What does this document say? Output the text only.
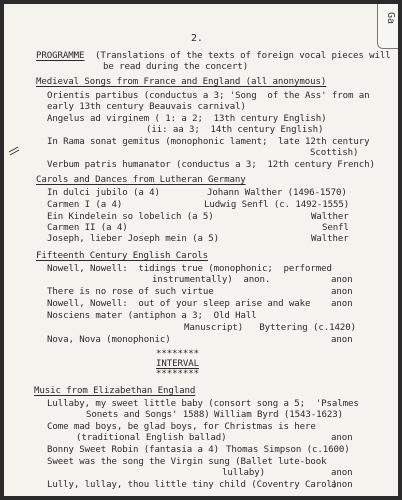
Ga
2.
PROGRAMME (Translations of the texts of foreign vocal pieces will
be read during the concert)
Medieval Songs from France and England (all anonymous)
Orientis partibus (conductus a 3; 'Song  of the Ass' from an
early 13th century Beauvais carnival)
Angelus ad virginem ( 1: a 2;  13th century English)
(ii: aa 3;  14th century English)
In Rama sonat gemitus (monophonic lament;  late 12th century
Scottish)
Verbum patris humanator (conductus a 3;  12th century French)
Carols and Dances from Lutheran Germany
In dulci jubilo (a 4)	Johann Walther (1496-1570)
Carmen I (a 4)	Ludwig Senfl (c. 1492-1555)
Ein Kindelein so lobelich (a 5)	Walther
Carmen II (a 4)	Senfl
Joseph, lieber Joseph mein (a 5)	Walther
Fifteenth Century English Carols
Nowell, Nowell:  tidings true (monophonic;  performed
instrumentally)  anon.	anon
There is no rose of such virtue	anon
Nowell, Nowell:  out of your sleep arise and wake anon
Nosciens mater (antiphon a 3;  Old Hall
Manuscript)   Byttering (c.1420)
Nova, Nova (monophonic)	anon
********
INTERVAL
********
Music from Elizabethan England
Lullaby, my sweet little baby (consort song a 5;  'Psalmes
Sonets and Songs' 1588) William Byrd (1543-1623)
Come mad boys, be glad boys, for Christmas is here
(traditional English ballad)	anon
Bonny Sweet Robin (fantasia a 4) Thomas Simpson (c.1600)
Sweet was the song the Virgin sung (Ballet lute-book
lullaby)	anon
Lully, lullay, thou little tiny child (Coventry Carol)
anon
